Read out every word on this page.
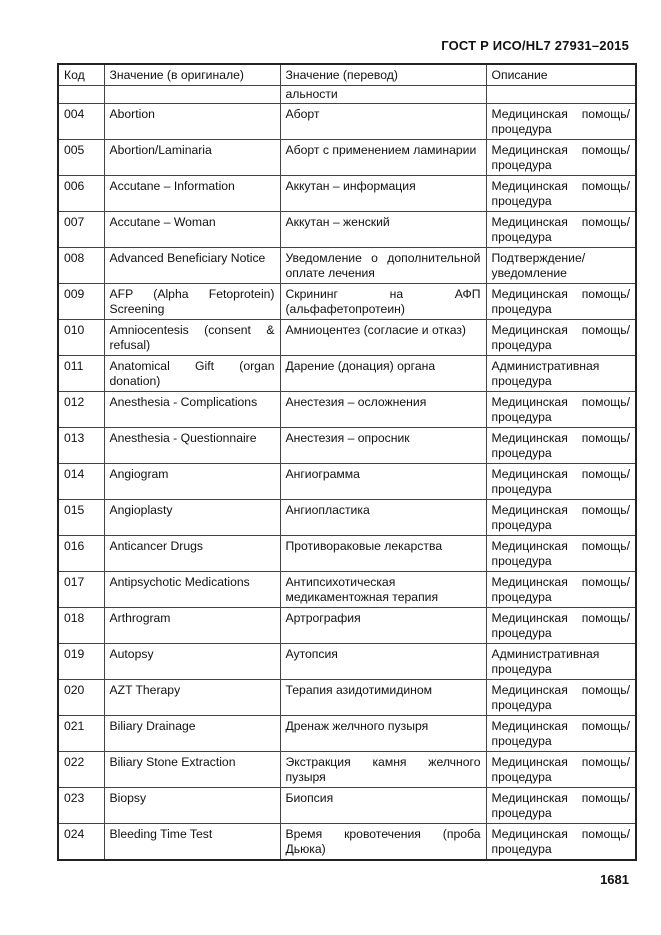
ГОСТ Р ИСО/HL7 27931–2015
Код	Значение (в оригинале)	Значение (перевод)	Описание
		альности	
004	Abortion	Аборт	Медицинская помощь/ процедура
005	Abortion/Laminaria	Аборт с применением ламинарии	Медицинская помощь/ процедура
006	Accutane – Information	Аккутан – информация	Медицинская помощь/ процедура
007	Accutane – Woman	Аккутан – женский	Медицинская помощь/ процедура
008	Advanced Beneficiary Notice	Уведомление о дополнительной оплате лечения	Подтверждение/ уведомление
009	AFP (Alpha Fetoprotein) Screening	Скрининг на АФП (альфафетопротеин)	Медицинская помощь/ процедура
010	Amniocentesis (consent & refusal)	Амниоцентез (согласие и отказ)	Медицинская помощь/ процедура
011	Anatomical Gift (organ donation)	Дарение (донация) органа	Административная процедура
012	Anesthesia - Complications	Анестезия – осложнения	Медицинская помощь/ процедура
013	Anesthesia - Questionnaire	Анестезия – опросник	Медицинская помощь/ процедура
014	Angiogram	Ангиограмма	Медицинская помощь/ процедура
015	Angioplasty	Ангиопластика	Медицинская помощь/ процедура
016	Anticancer Drugs	Противораковые лекарства	Медицинская помощь/ процедура
017	Antipsychotic Medications	Антипсихотическая медикаментожная терапия	Медицинская помощь/ процедура
018	Arthrogram	Артрография	Медицинская помощь/ процедура
019	Autopsy	Аутопсия	Административная процедура
020	AZT Therapy	Терапия азидотимидином	Медицинская помощь/ процедура
021	Biliary Drainage	Дренаж желчного пузыря	Медицинская помощь/ процедура
022	Biliary Stone Extraction	Экстракция камня желчного пузыря	Медицинская помощь/ процедура
023	Biopsy	Биопсия	Медицинская помощь/ процедура
024	Bleeding Time Test	Время кровотечения (проба Дьюка)	Медицинская помощь/ процедура
1681
